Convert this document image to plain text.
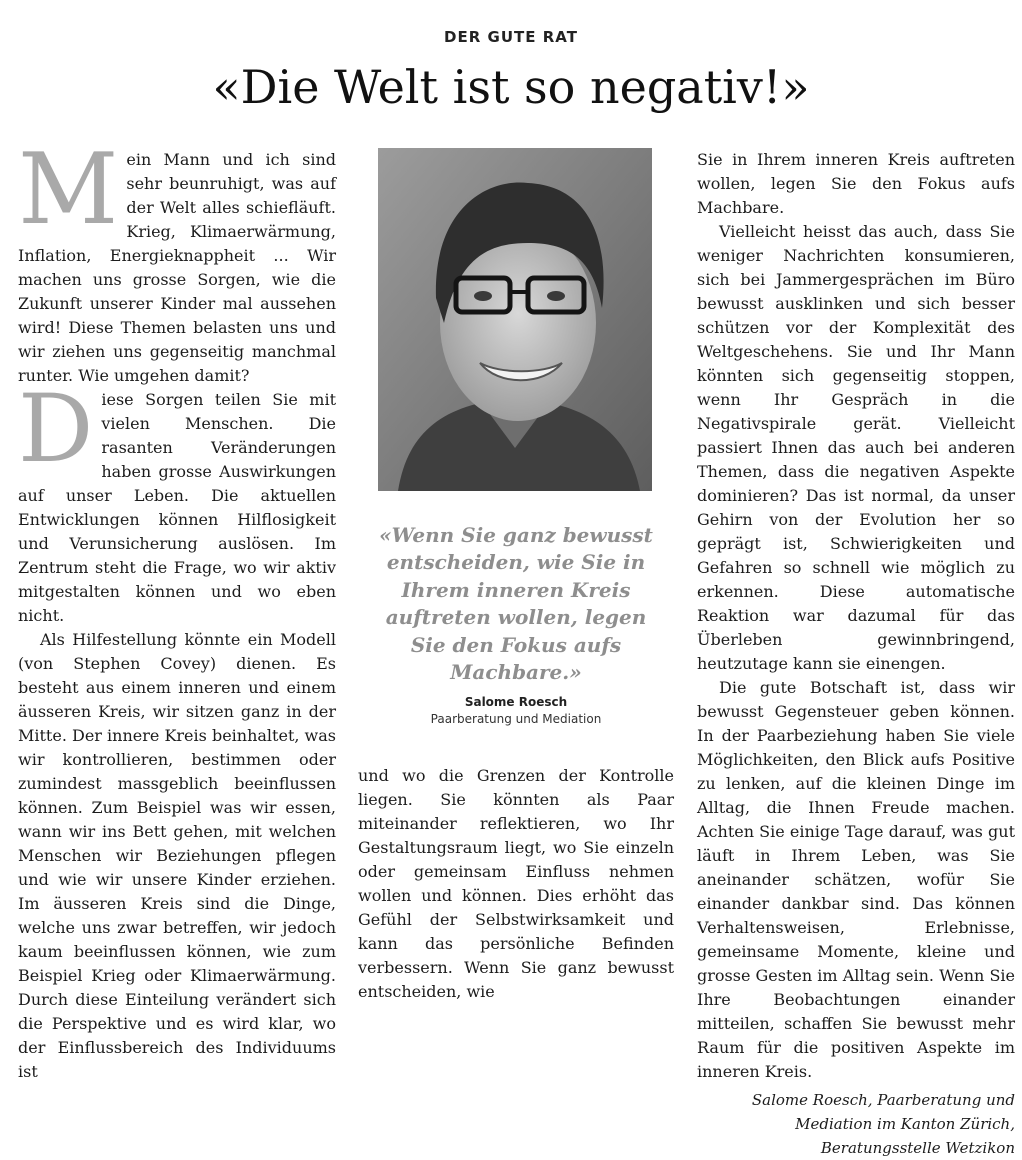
DER GUTE RAT
«Die Welt ist so negativ!»

Mein Mann und ich sind sehr beunruhigt, was auf der Welt alles schiefläuft. Krieg, Klimaerwärmung, Inflation, Energieknappheit ... Wir machen uns grosse Sorgen, wie die Zukunft unserer Kinder mal aussehen wird! Diese Themen belasten uns und wir ziehen uns gegenseitig manchmal runter. Wie umgehen damit?

Diese Sorgen teilen Sie mit vielen Menschen. Die rasanten Veränderungen haben grosse Auswirkungen auf unser Leben. Die aktuellen Entwicklungen können Hilflosigkeit und Verunsicherung auslösen. Im Zentrum steht die Frage, wo wir aktiv mitgestalten können und wo eben nicht.

Als Hilfestellung könnte ein Modell (von Stephen Covey) dienen. Es besteht aus einem inneren und einem äusseren Kreis, wir sitzen ganz in der Mitte. Der innere Kreis beinhaltet, was wir kontrollieren, bestimmen oder zumindest massgeblich beeinflussen können. Zum Beispiel was wir essen, wann wir ins Bett gehen, mit welchen Menschen wir Beziehungen pflegen und wie wir unsere Kinder erziehen. Im äusseren Kreis sind die Dinge, welche uns zwar betreffen, wir jedoch kaum beeinflussen können, wie zum Beispiel Krieg oder Klimaerwärmung. Durch diese Einteilung verändert sich die Perspektive und es wird klar, wo der Einflussbereich des Individuums ist

«Wenn Sie ganz bewusst entscheiden, wie Sie in Ihrem inneren Kreis auftreten wollen, legen Sie den Fokus aufs Machbare.»
Salome Roesch
Paarberatung und Mediation

und wo die Grenzen der Kontrolle liegen. Sie könnten als Paar miteinander reflektieren, wo Ihr Gestaltungsraum liegt, wo Sie einzeln oder gemeinsam Einfluss nehmen wollen und können. Dies erhöht das Gefühl der Selbstwirksamkeit und kann das persönliche Befinden verbessern. Wenn Sie ganz bewusst entscheiden, wie

Sie in Ihrem inneren Kreis auftreten wollen, legen Sie den Fokus aufs Machbare.

Vielleicht heisst das auch, dass Sie weniger Nachrichten konsumieren, sich bei Jammergesprächen im Büro bewusst ausklinken und sich besser schützen vor der Komplexität des Weltgeschehens. Sie und Ihr Mann könnten sich gegenseitig stoppen, wenn Ihr Gespräch in die Negativspirale gerät. Vielleicht passiert Ihnen das auch bei anderen Themen, dass die negativen Aspekte dominieren? Das ist normal, da unser Gehirn von der Evolution her so geprägt ist, Schwierigkeiten und Gefahren so schnell wie möglich zu erkennen. Diese automatische Reaktion war dazumal für das Überleben gewinnbringend, heutzutage kann sie einengen.

Die gute Botschaft ist, dass wir bewusst Gegensteuer geben können. In der Paarbeziehung haben Sie viele Möglichkeiten, den Blick aufs Positive zu lenken, auf die kleinen Dinge im Alltag, die Ihnen Freude machen. Achten Sie einige Tage darauf, was gut läuft in Ihrem Leben, was Sie aneinander schätzen, wofür Sie einander dankbar sind. Das können Verhaltensweisen, Erlebnisse, gemeinsame Momente, kleine und grosse Gesten im Alltag sein. Wenn Sie Ihre Beobachtungen einander mitteilen, schaffen Sie bewusst mehr Raum für die positiven Aspekte im inneren Kreis.

Salome Roesch, Paarberatung und
Mediation im Kanton Zürich,
Beratungsstelle Wetzikon
